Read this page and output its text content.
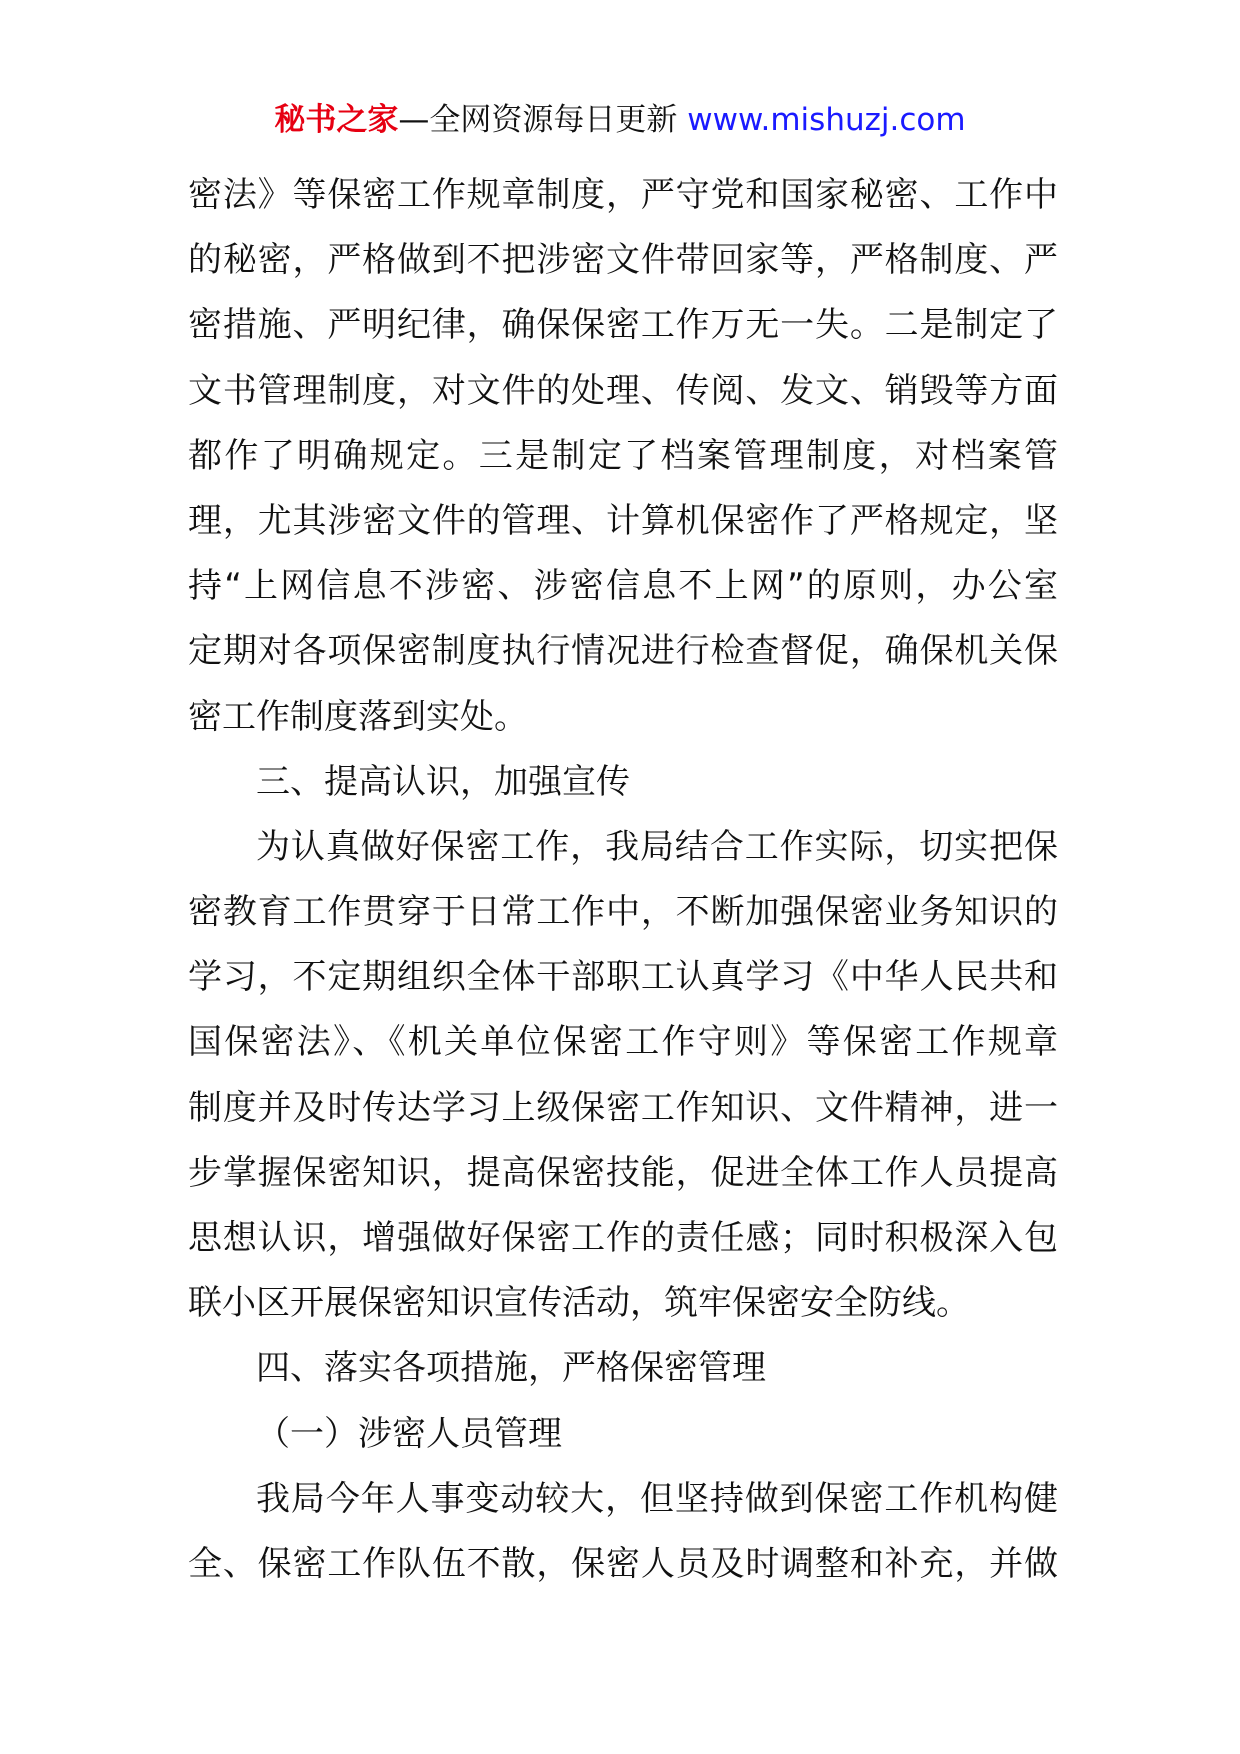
秘书之家—全网资源每日更新 www.mishuzj.com
密法》等保密工作规章制度，严守党和国家秘密、工作中
的秘密，严格做到不把涉密文件带回家等，严格制度、严
密措施、严明纪律，确保保密工作万无一失。二是制定了
文书管理制度，对文件的处理、传阅、发文、销毁等方面
都作了明确规定。三是制定了档案管理制度，对档案管
理，尤其涉密文件的管理、计算机保密作了严格规定，坚
持“上网信息不涉密、涉密信息不上网”的原则，办公室
定期对各项保密制度执行情况进行检查督促，确保机关保
密工作制度落到实处。
三、提高认识，加强宣传
为认真做好保密工作，我局结合工作实际，切实把保
密教育工作贯穿于日常工作中，不断加强保密业务知识的
学习，不定期组织全体干部职工认真学习《中华人民共和
国保密法》、《机关单位保密工作守则》等保密工作规章
制度并及时传达学习上级保密工作知识、文件精神，进一
步掌握保密知识，提高保密技能，促进全体工作人员提高
思想认识，增强做好保密工作的责任感；同时积极深入包
联小区开展保密知识宣传活动，筑牢保密安全防线。
四、落实各项措施，严格保密管理
（一）涉密人员管理
我局今年人事变动较大，但坚持做到保密工作机构健
全、保密工作队伍不散，保密人员及时调整和补充，并做
